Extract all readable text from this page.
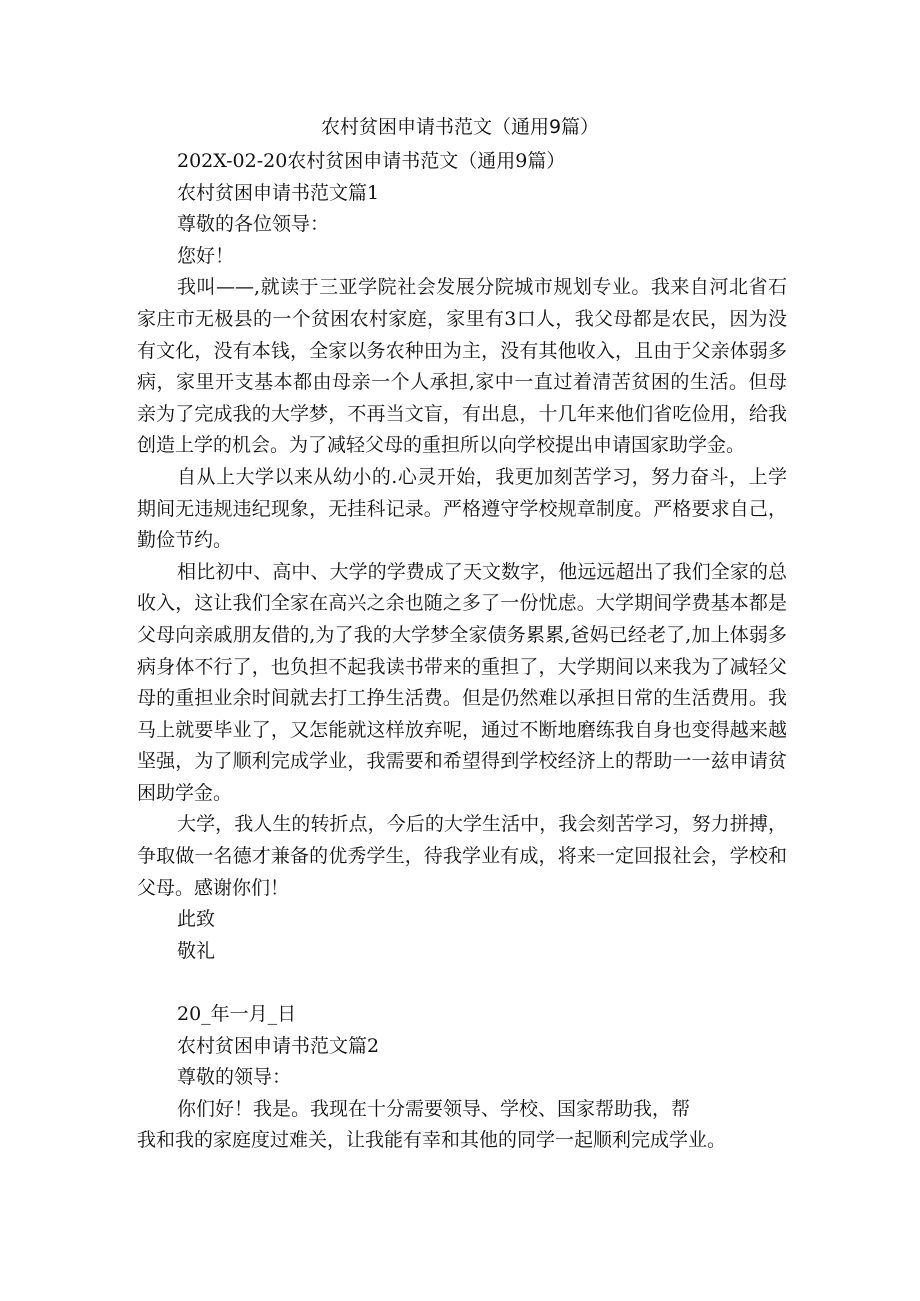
农村贫困申请书范文（通用9篇）

202X-02-20农村贫困申请书范文（通用9篇）

农村贫困申请书范文篇1

尊敬的各位领导：

您好！

我叫——,就读于三亚学院社会发展分院城市规划专业。我来自河北省石家庄市无极县的一个贫困农村家庭，家里有3口人，我父母都是农民，因为没有文化，没有本钱，全家以务农种田为主，没有其他收入，且由于父亲体弱多病，家里开支基本都由母亲一个人承担,家中一直过着清苦贫困的生活。但母亲为了完成我的大学梦，不再当文盲，有出息，十几年来他们省吃俭用，给我创造上学的机会。为了减轻父母的重担所以向学校提出申请国家助学金。

自从上大学以来从幼小的.心灵开始，我更加刻苦学习，努力奋斗，上学期间无违规违纪现象，无挂科记录。严格遵守学校规章制度。严格要求自己，勤俭节约。

相比初中、高中、大学的学费成了天文数字，他远远超出了我们全家的总收入，这让我们全家在高兴之余也随之多了一份忧虑。大学期间学费基本都是父母向亲戚朋友借的,为了我的大学梦全家债务累累,爸妈已经老了,加上体弱多病身体不行了，也负担不起我读书带来的重担了，大学期间以来我为了减轻父母的重担业余时间就去打工挣生活费。但是仍然难以承担日常的生活费用。我马上就要毕业了，又怎能就这样放弃呢，通过不断地磨练我自身也变得越来越坚强，为了顺利完成学业，我需要和希望得到学校经济上的帮助一一兹申请贫困助学金。

大学，我人生的转折点，今后的大学生活中，我会刻苦学习，努力拼搏，争取做一名德才兼备的优秀学生，待我学业有成，将来一定回报社会，学校和父母。感谢你们！

此致

敬礼

20_年一月_日

农村贫困申请书范文篇2

尊敬的领导：

你们好！我是。我现在十分需要领导、学校、国家帮助我，帮

我和我的家庭度过难关，让我能有幸和其他的同学一起顺利完成学业。
